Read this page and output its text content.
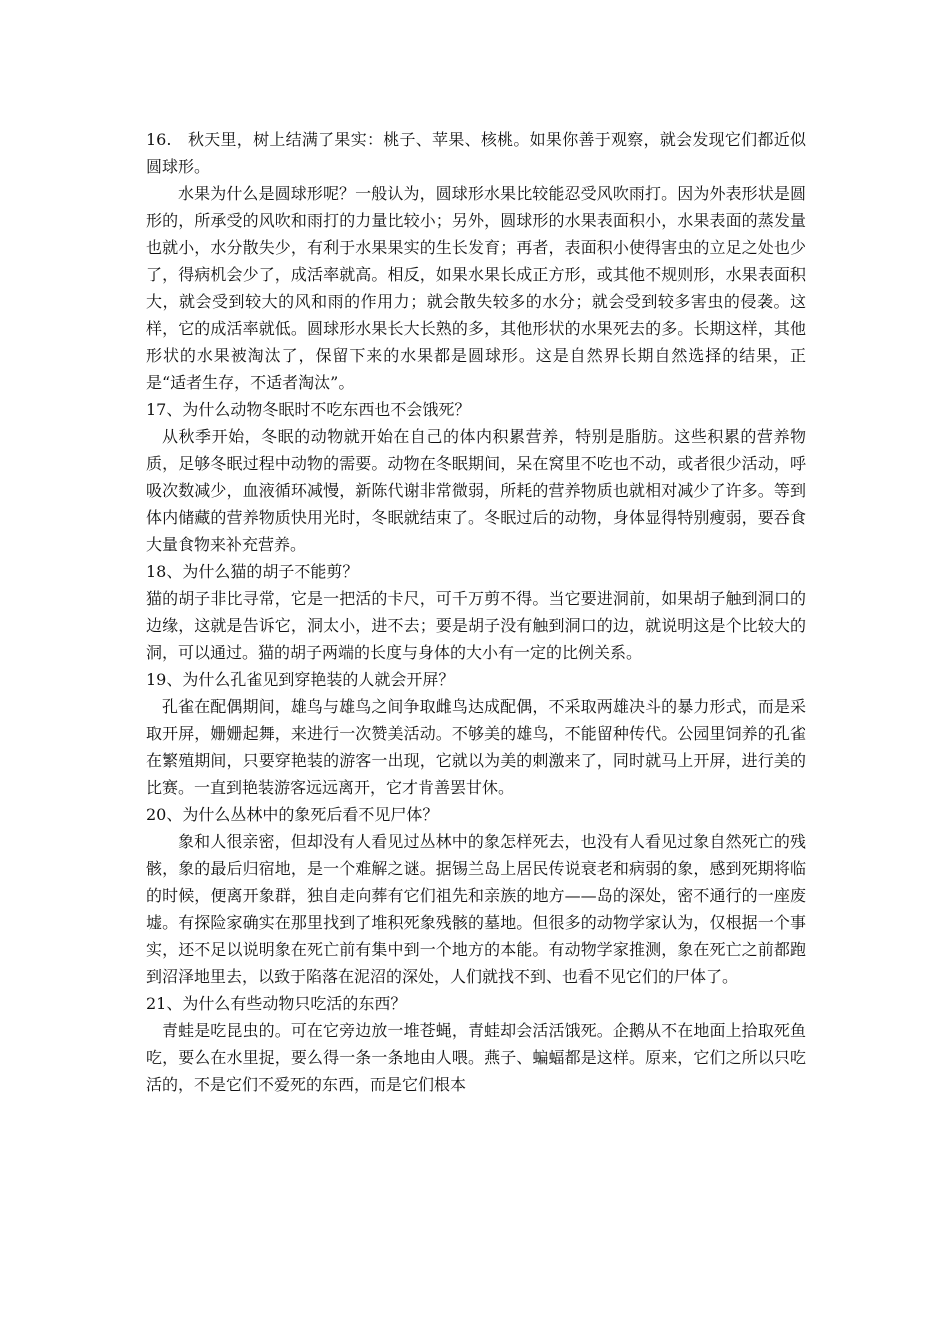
16.　秋天里，树上结满了果实：桃子、苹果、核桃。如果你善于观察，就会发现它们都近似圆球形。

水果为什么是圆球形呢？一般认为，圆球形水果比较能忍受风吹雨打。因为外表形状是圆形的，所承受的风吹和雨打的力量比较小；另外，圆球形的水果表面积小，水果表面的蒸发量也就小，水分散失少，有利于水果果实的生长发育；再者，表面积小使得害虫的立足之处也少了，得病机会少了，成活率就高。相反，如果水果长成正方形，或其他不规则形，水果表面积大，就会受到较大的风和雨的作用力；就会散失较多的水分；就会受到较多害虫的侵袭。这样，它的成活率就低。圆球形水果长大长熟的多，其他形状的水果死去的多。长期这样，其他形状的水果被淘汰了，保留下来的水果都是圆球形。这是自然界长期自然选择的结果，正是“适者生存，不适者淘汰”。

17、为什么动物冬眠时不吃东西也不会饿死？

从秋季开始，冬眠的动物就开始在自己的体内积累营养，特别是脂肪。这些积累的营养物质，足够冬眠过程中动物的需要。动物在冬眠期间，呆在窝里不吃也不动，或者很少活动，呼吸次数减少，血液循环减慢，新陈代谢非常微弱，所耗的营养物质也就相对减少了许多。等到体内储藏的营养物质快用光时，冬眠就结束了。冬眠过后的动物，身体显得特别瘦弱，要吞食大量食物来补充营养。

18、为什么猫的胡子不能剪？

猫的胡子非比寻常，它是一把活的卡尺，可千万剪不得。当它要进洞前，如果胡子触到洞口的边缘，这就是告诉它，洞太小，进不去；要是胡子没有触到洞口的边，就说明这是个比较大的洞，可以通过。猫的胡子两端的长度与身体的大小有一定的比例关系。

19、为什么孔雀见到穿艳装的人就会开屏？

孔雀在配偶期间，雄鸟与雄鸟之间争取雌鸟达成配偶，不采取两雄决斗的暴力形式，而是采取开屏，姗姗起舞，来进行一次赞美活动。不够美的雄鸟，不能留种传代。公园里饲养的孔雀在繁殖期间，只要穿艳装的游客一出现，它就以为美的刺激来了，同时就马上开屏，进行美的比赛。一直到艳装游客远远离开，它才肯善罢甘休。

20、为什么丛林中的象死后看不见尸体？

象和人很亲密，但却没有人看见过丛林中的象怎样死去，也没有人看见过象自然死亡的残骸，象的最后归宿地，是一个难解之谜。据锡兰岛上居民传说衰老和病弱的象，感到死期将临的时候，便离开象群，独自走向葬有它们祖先和亲族的地方——岛的深处，密不通行的一座废墟。有探险家确实在那里找到了堆积死象残骸的墓地。但很多的动物学家认为，仅根据一个事实，还不足以说明象在死亡前有集中到一个地方的本能。有动物学家推测，象在死亡之前都跑到沼泽地里去，以致于陷落在泥沼的深处，人们就找不到、也看不见它们的尸体了。

21、为什么有些动物只吃活的东西？

青蛙是吃昆虫的。可在它旁边放一堆苍蝇，青蛙却会活活饿死。企鹅从不在地面上拾取死鱼吃，要么在水里捉，要么得一条一条地由人喂。燕子、蝙蝠都是这样。原来，它们之所以只吃活的，不是它们不爱死的东西，而是它们根本
